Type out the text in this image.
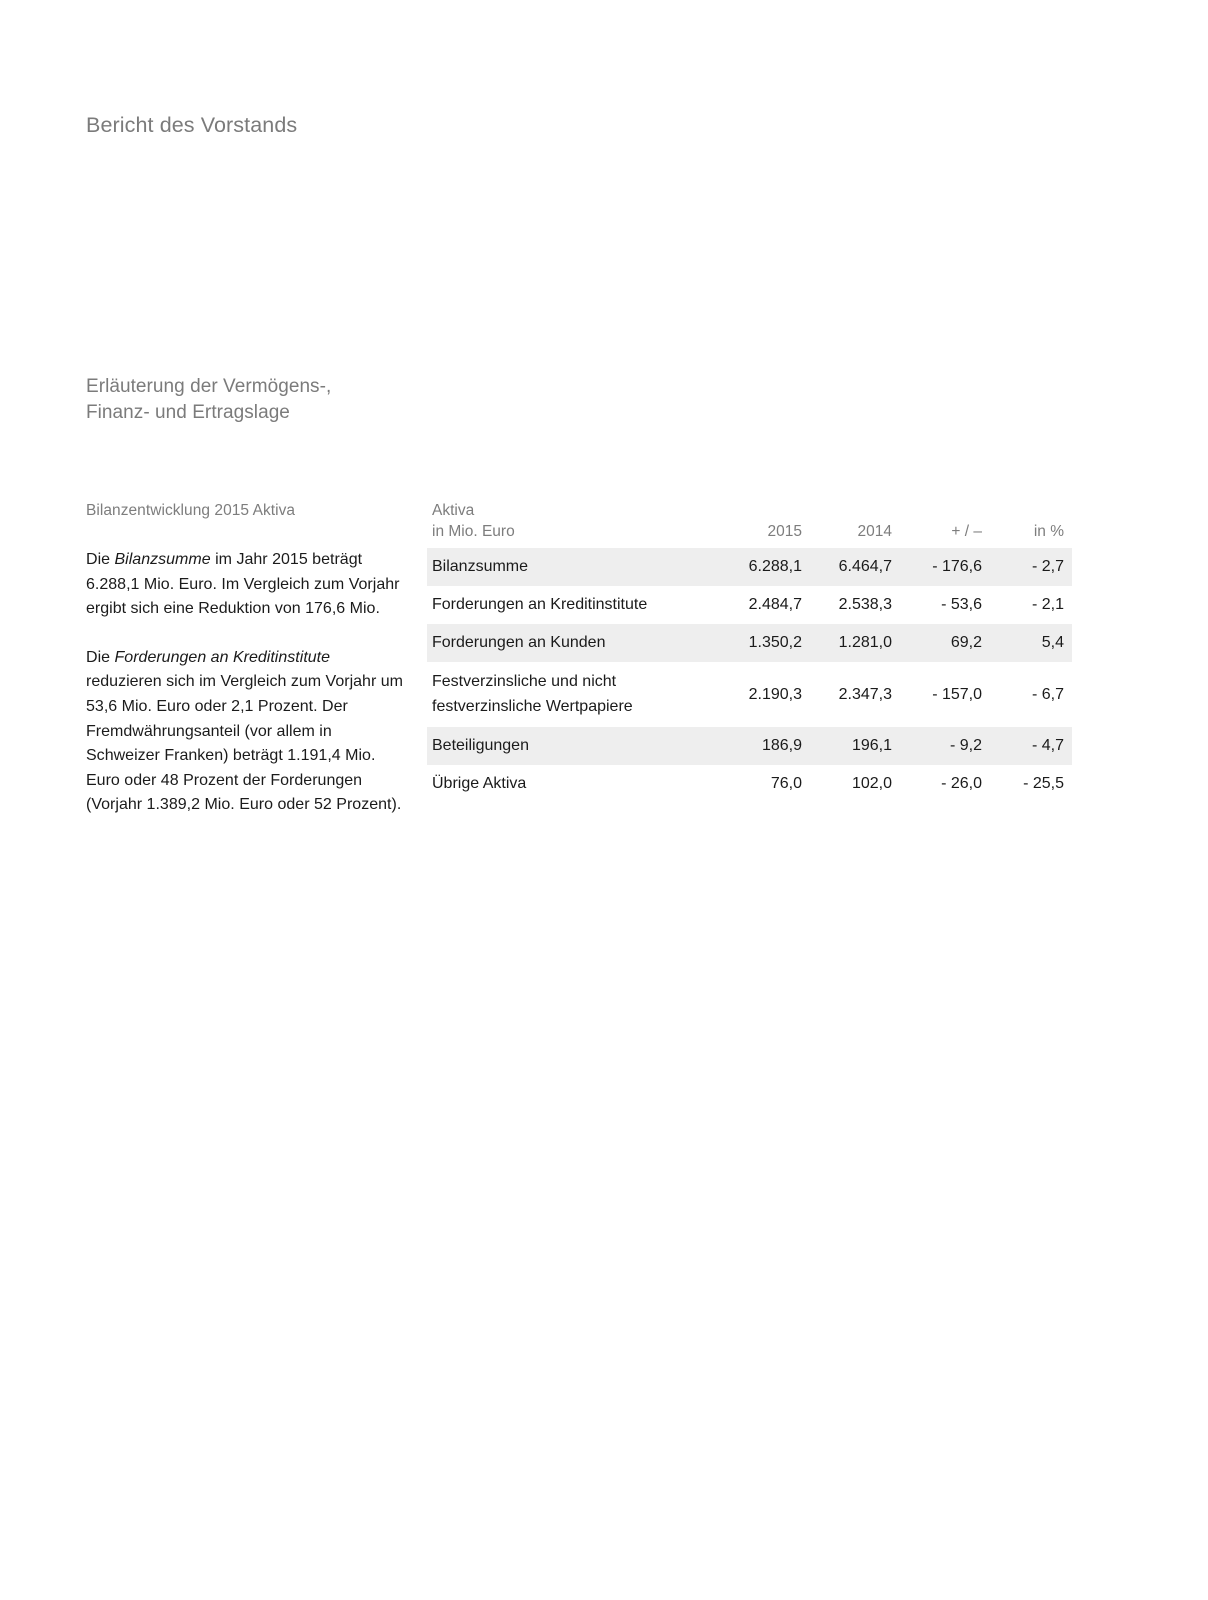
Bericht des Vorstands
Erläuterung der Vermögens-,
Finanz- und Ertragslage
Bilanzentwicklung 2015 Aktiva

Die Bilanzsumme im Jahr 2015 beträgt 6.288,1 Mio. Euro. Im Vergleich zum Vorjahr ergibt sich eine Reduktion von 176,6 Mio.

Die Forderungen an Kreditinstitute reduzieren sich im Vergleich zum Vorjahr um 53,6 Mio. Euro oder 2,1 Prozent. Der Fremdwährungsanteil (vor allem in Schweizer Franken) beträgt 1.191,4 Mio. Euro oder 48 Prozent der Forderungen (Vorjahr 1.389,2 Mio. Euro oder 52 Prozent).

Aktiva
in Mio. Euro	2015	2014	+ / –	in %
Bilanzsumme	6.288,1	6.464,7	- 176,6	- 2,7
Forderungen an Kreditinstitute	2.484,7	2.538,3	- 53,6	- 2,1
Forderungen an Kunden	1.350,2	1.281,0	69,2	5,4
Festverzinsliche und nicht festverzinsliche Wertpapiere	2.190,3	2.347,3	- 157,0	- 6,7
Beteiligungen	186,9	196,1	- 9,2	- 4,7
Übrige Aktiva	76,0	102,0	- 26,0	- 25,5
